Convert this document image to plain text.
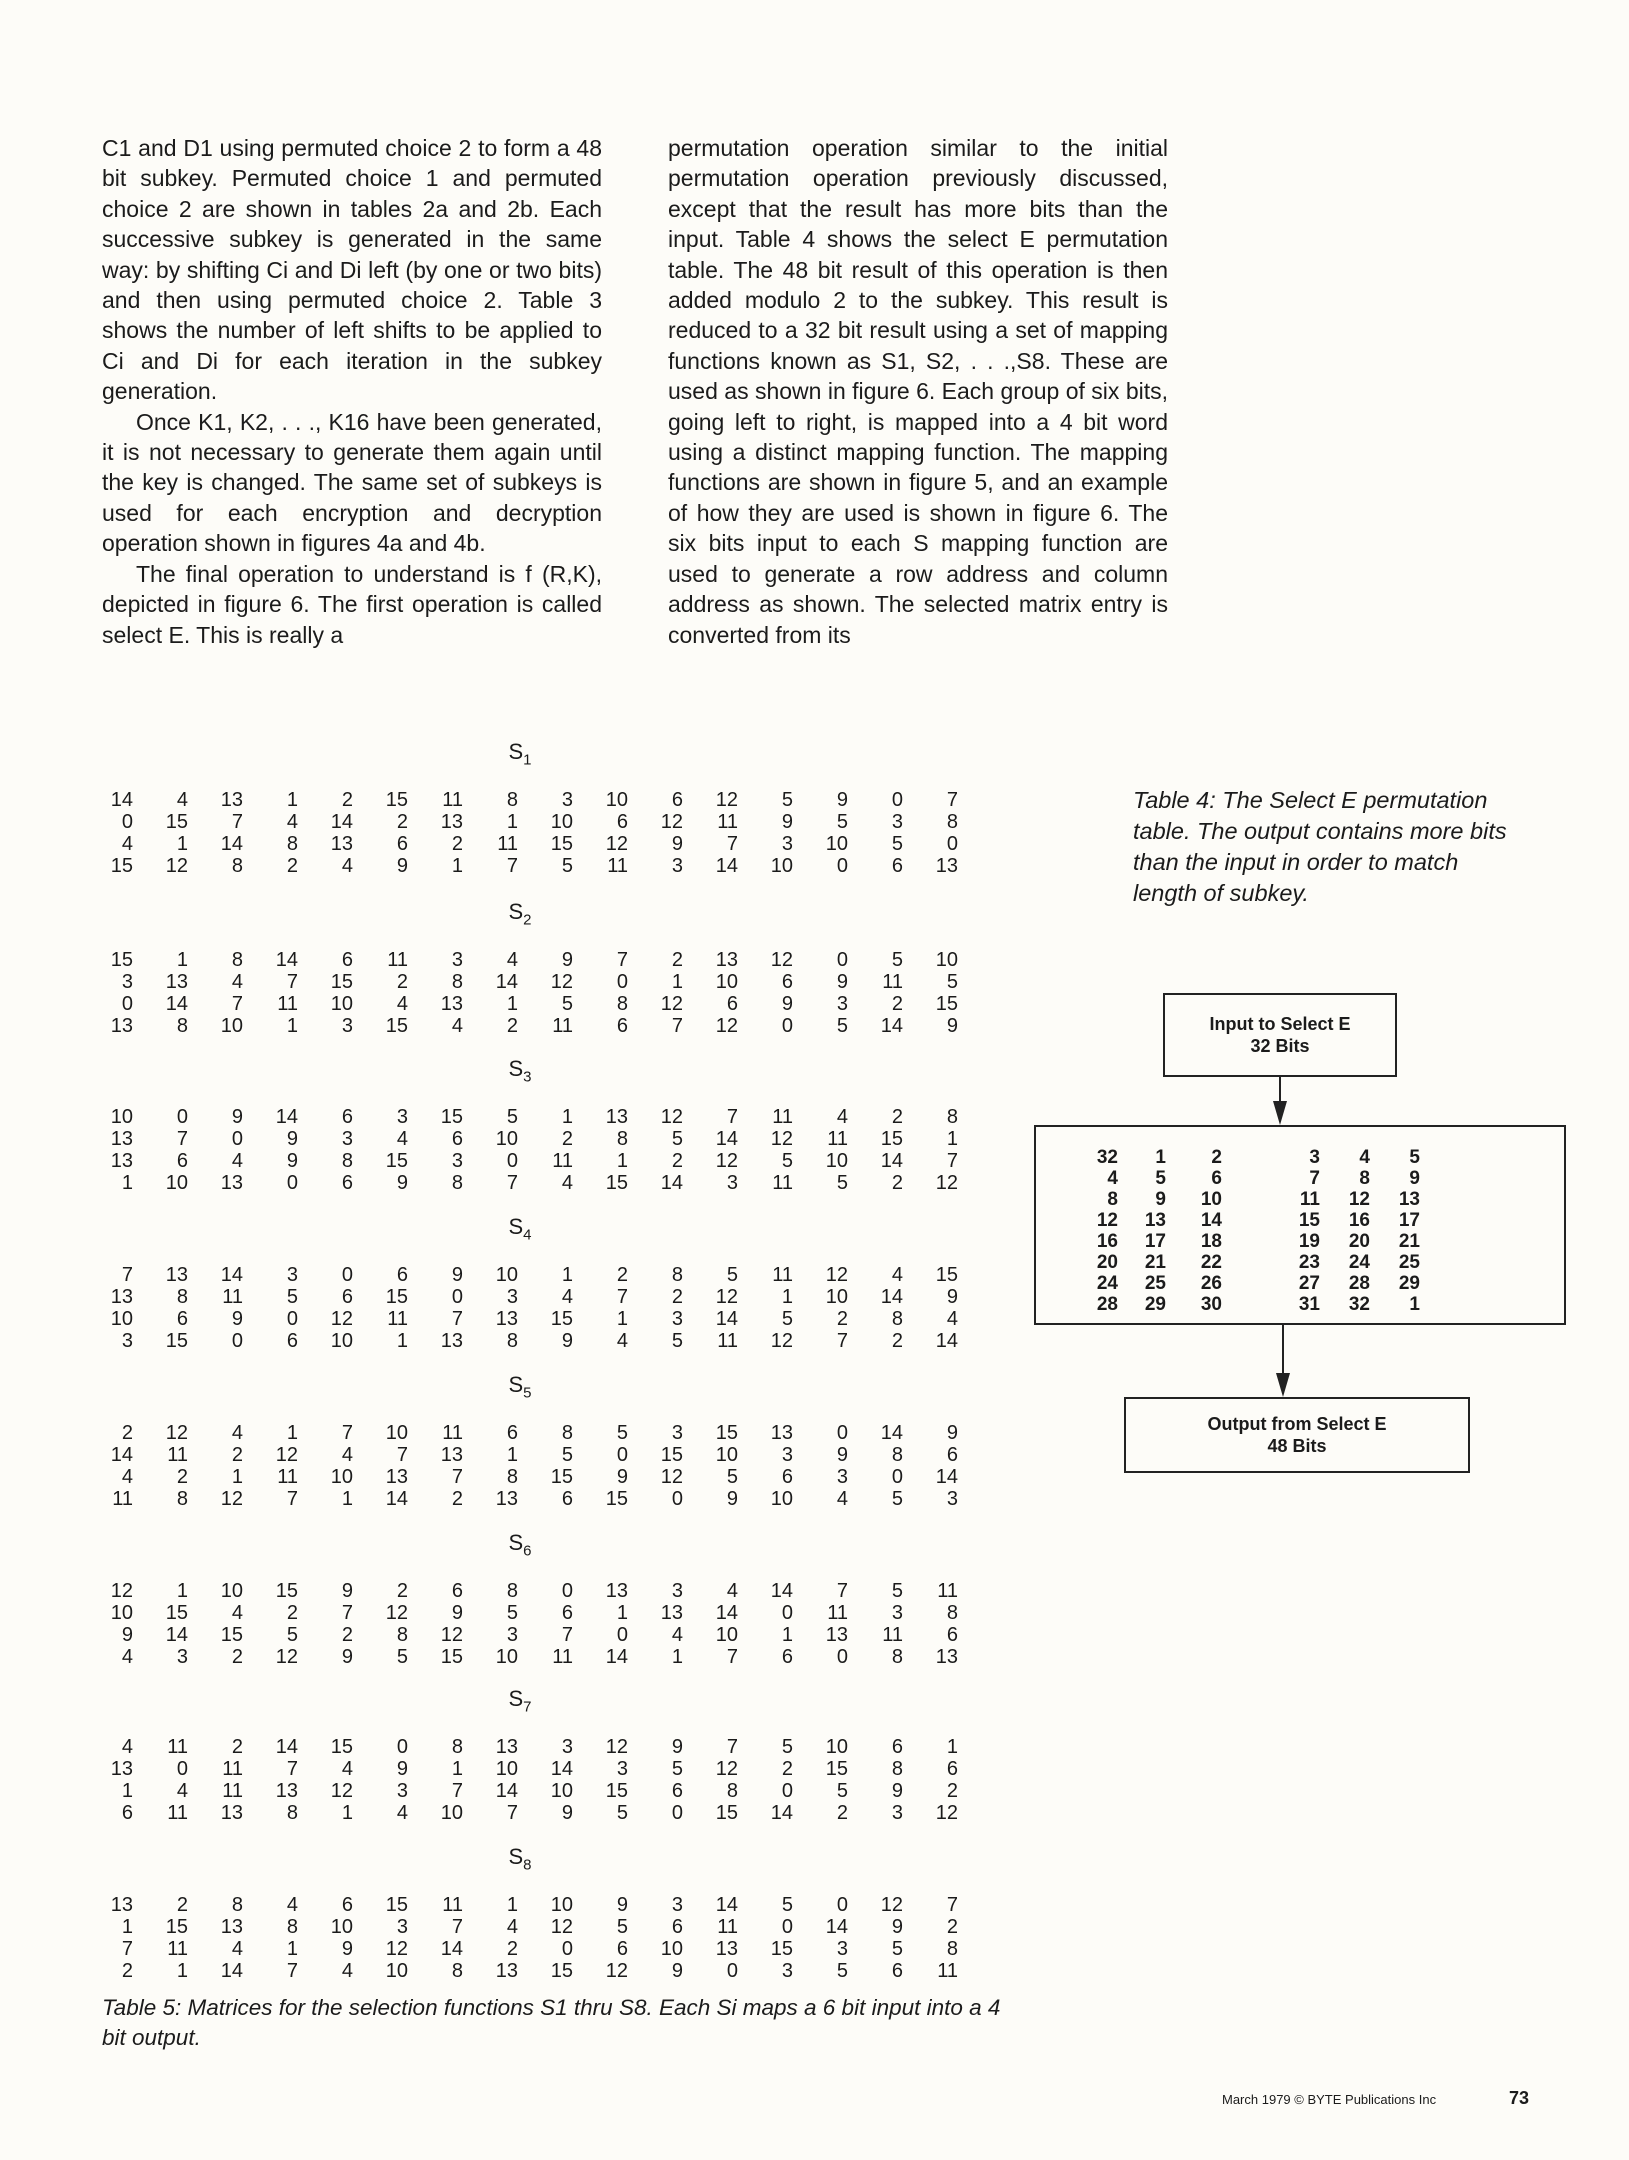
C1 and D1 using permuted choice 2 to form a 48 bit subkey. Permuted choice 1 and permuted choice 2 are shown in tables 2a and 2b. Each successive subkey is generated in the same way: by shifting Ci and Di left (by one or two bits) and then using permuted choice 2. Table 3 shows the number of left shifts to be applied to Ci and Di for each iteration in the subkey generation.

Once K1, K2, . . ., K16 have been generated, it is not necessary to generate them again until the key is changed. The same set of subkeys is used for each encryption and decryption operation shown in figures 4a and 4b.

The final operation to understand is f (R,K), depicted in figure 6. The first operation is called select E. This is really a

permutation operation similar to the initial permutation operation previously discussed, except that the result has more bits than the input. Table 4 shows the select E permutation table. The 48 bit result of this operation is then added modulo 2 to the subkey. This result is reduced to a 32 bit result using a set of mapping functions known as S1, S2, . . .,S8. These are used as shown in figure 6. Each group of six bits, going left to right, is mapped into a 4 bit word using a distinct mapping function. The mapping functions are shown in figure 5, and an example of how they are used is shown in figure 6. The six bits input to each S mapping function are used to generate a row address and column address as shown. The selected matrix entry is converted from its

$S_1$
14	4	13	1	2	15	11	8	3	10	6	12	5	9	0	7
0	15	7	4	14	2	13	1	10	6	12	11	9	5	3	8
4	1	14	8	13	6	2	11	15	12	9	7	3	10	5	0
15	12	8	2	4	9	1	7	5	11	3	14	10	0	6	13
$S_2$
15	1	8	14	6	11	3	4	9	7	2	13	12	0	5	10
3	13	4	7	15	2	8	14	12	0	1	10	6	9	11	5
0	14	7	11	10	4	13	1	5	8	12	6	9	3	2	15
13	8	10	1	3	15	4	2	11	6	7	12	0	5	14	9
$S_3$
10	0	9	14	6	3	15	5	1	13	12	7	11	4	2	8
13	7	0	9	3	4	6	10	2	8	5	14	12	11	15	1
13	6	4	9	8	15	3	0	11	1	2	12	5	10	14	7
1	10	13	0	6	9	8	7	4	15	14	3	11	5	2	12
$S_4$
7	13	14	3	0	6	9	10	1	2	8	5	11	12	4	15
13	8	11	5	6	15	0	3	4	7	2	12	1	10	14	9
10	6	9	0	12	11	7	13	15	1	3	14	5	2	8	4
3	15	0	6	10	1	13	8	9	4	5	11	12	7	2	14
$S_5$
2	12	4	1	7	10	11	6	8	5	3	15	13	0	14	9
14	11	2	12	4	7	13	1	5	0	15	10	3	9	8	6
4	2	1	11	10	13	7	8	15	9	12	5	6	3	0	14
11	8	12	7	1	14	2	13	6	15	0	9	10	4	5	3
$S_6$
12	1	10	15	9	2	6	8	0	13	3	4	14	7	5	11
10	15	4	2	7	12	9	5	6	1	13	14	0	11	3	8
9	14	15	5	2	8	12	3	7	0	4	10	1	13	11	6
4	3	2	12	9	5	15	10	11	14	1	7	6	0	8	13
$S_7$
4	11	2	14	15	0	8	13	3	12	9	7	5	10	6	1
13	0	11	7	4	9	1	10	14	3	5	12	2	15	8	6
1	4	11	13	12	3	7	14	10	15	6	8	0	5	9	2
6	11	13	8	1	4	10	7	9	5	0	15	14	2	3	12
$S_8$
13	2	8	4	6	15	11	1	10	9	3	14	5	0	12	7
1	15	13	8	10	3	7	4	12	5	6	11	0	14	9	2
7	11	4	1	9	12	14	2	0	6	10	13	15	3	5	8
2	1	14	7	4	10	8	13	15	12	9	0	3	5	6	11
Table 5: Matrices for the selection functions S1 thru S8. Each Si maps a 6 bit input into a 4 bit output.
Table 4: The Select E permutation table. The output contains more bits than the input in order to match length of subkey.
Input to Select E
32 Bits
32	1	2	3	4	5
4	5	6	7	8	9
8	9	10	11	12	13
12	13	14	15	16	17
16	17	18	19	20	21
20	21	22	23	24	25
24	25	26	27	28	29
28	29	30	31	32	1
Output from Select E
48 Bits
March 1979 © BYTE Publications Inc	73
